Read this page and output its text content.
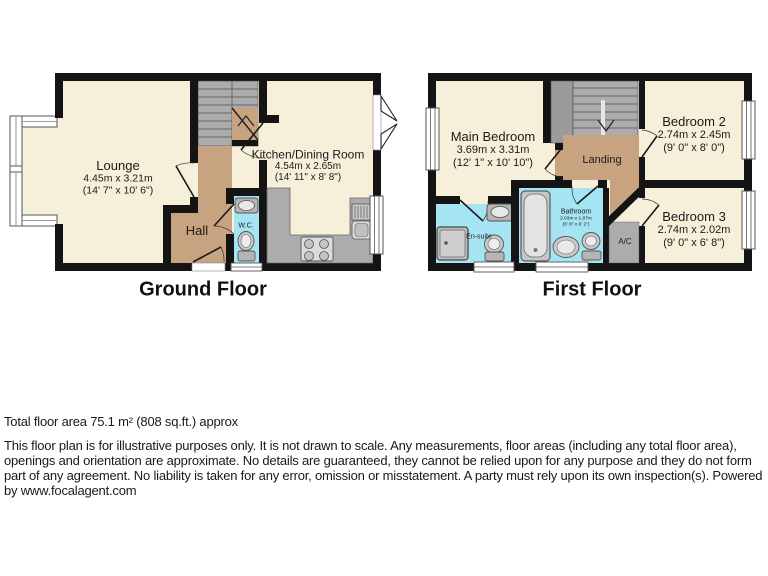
Lounge
4.45m x 3.21m
(14' 7" x 10' 6")
Kitchen/Dining Room
4.54m x 2.65m
(14' 11" x 8' 8")
Hall	W.C.
Ground Floor
Main Bedroom
3.69m x 3.31m
(12' 1" x 10' 10")
Bedroom 2
2.74m x 2.45m
(9' 0" x 8' 0")
Bedroom 3
2.74m x 2.02m
(9' 0" x 6' 8")
Landing
Bathroom
2.03m x 1.87m
(6' 8" x 6' 2")
En-suite	A/C
First Floor
Total floor area 75.1 m² (808 sq.ft.) approx
This floor plan is for illustrative purposes only. It is not drawn to scale. Any measurements, floor areas (including any total floor area), openings and orientation are approximate. No details are guaranteed, they cannot be relied upon for any purpose and they do not form part of any agreement. No liability is taken for any error, omission or misstatement. A party must rely upon its own inspection(s). Powered by www.focalagent.com
